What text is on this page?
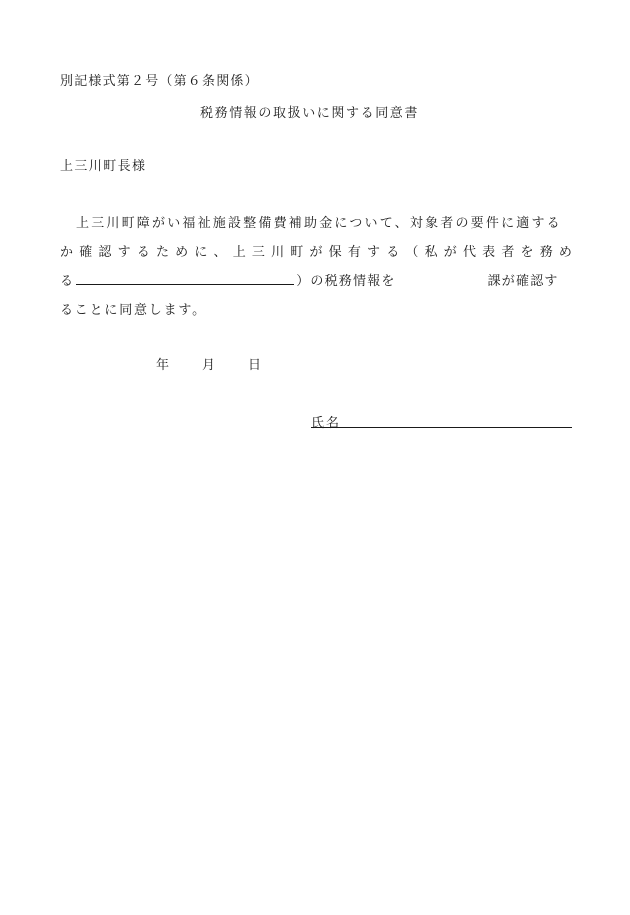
別記様式第２号（第６条関係）
税務情報の取扱いに関する同意書
上三川町長様
上三川町障がい福祉施設整備費補助金について、対象者の要件に適する
か 確 認 す る た め に 、 上 三 川 町 が 保 有 す る （ 私 が 代 表 者 を 務 め
る	）の税務情報を	課が確認す
ることに同意します。
年 月 日
氏名
